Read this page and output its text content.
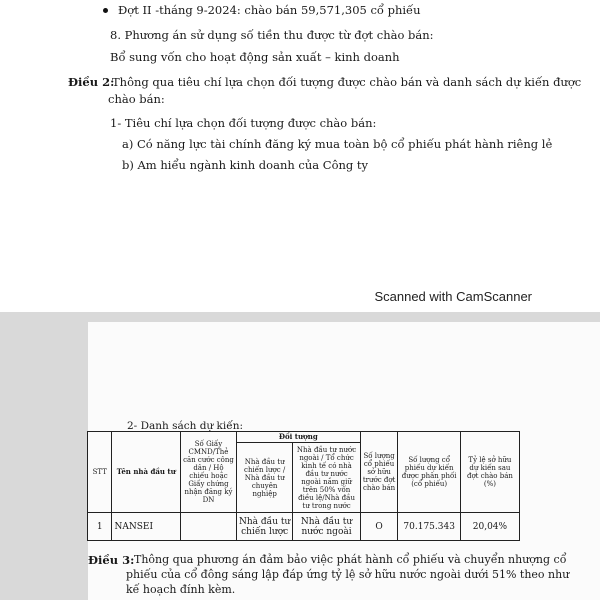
Đợt II -tháng 9-2024: chào bán 59,571,305 cổ phiếu
8. Phương án sử dụng số tiền thu được từ đợt chào bán:
Bổ sung vốn cho hoạt động sản xuất – kinh doanh
Điều 2:
Thông qua tiêu chí lựa chọn đối tượng được chào bán và danh sách dự kiến được
chào bán:
1- Tiêu chí lựa chọn đối tượng được chào bán:
a) Có năng lực tài chính đăng ký mua toàn bộ cổ phiếu phát hành riêng lẻ
b) Am hiểu ngành kinh doanh của Công ty
Scanned with CamScanner
2- Danh sách dự kiến:
STT	Tên nhà đầu tư	Số Giấy CMND/Thẻ căn cước công dân / Hộ chiếu hoặc Giấy chứng nhận đăng ký DN	Đối tượng		Số lượng cổ phiếu sở hữu trước đợt chào bán	Số lượng cổ phiếu dự kiến được phân phối (cổ phiếu)	Tỷ lệ sở hữu dự kiến sau đợt chào bán (%)
			Nhà đầu tư chiến lược / Nhà đầu tư chuyên nghiệp	Nhà đầu tư nước ngoài / Tổ chức kinh tế có nhà đầu tư nước ngoài nắm giữ trên 50% vốn điều lệ/Nhà đầu tư trong nước			
1	NANSEI		Nhà đầu tư chiến lược	Nhà đầu tư nước ngoài	O	70.175.343	20,04%
Điều 3: Thông qua phương án đảm bảo việc phát hành cổ phiếu và chuyển nhượng cổ
phiếu của cổ đông sáng lập đáp ứng tỷ lệ sở hữu nước ngoài dưới 51% theo như
kế hoạch đính kèm.
